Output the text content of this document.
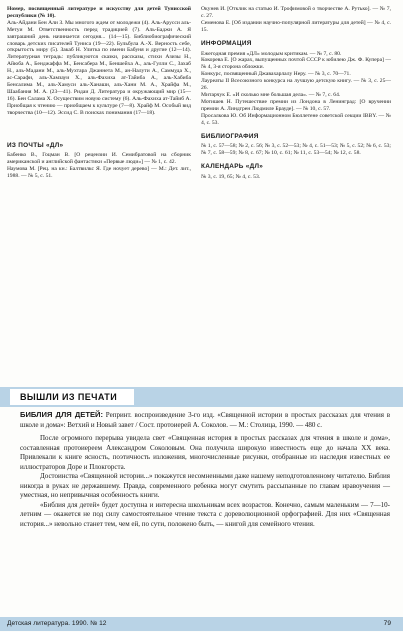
Номер, посвященный литературе и искусству для детей Тунисской республики (№ 10).

Аль-Айдани Бен Али З. Мы многого ждем от молодежи (4). Аль-Арусси аль-Метуи М. Ответственность перед традицией (7). Аль-Баджи А. Я завтрашний день начинается сегодня... (14—15). Библиобиографический словарь детских писателей Туниса (19—22). Бульбула А.-Х. Верность себе, открытость миру (5). Закаб Н. Улитка по имени Бабуня и другие (12—14). Литературная тетрадь: публикуются сказки, рассказы, стихи Азизы Н., Айюба А., Бенджаффа М., Бенсабера М., Беншейха А., аль-Гулли С., Захаб Н., аль-Мадани М., аль-Мухтара Джаннета М., ан-Налути А., Саммуда Х., ас-Сарафи, аль-Хамзауи Х., аль-Фахиха ат-Тайиба А., аль-Хабиба Бенсалима М., аль-Хамуси аль-Ханаши, аль-Хани М. А., Храйфа М., Шаабания М. А. (23—41). Ридаи Д. Литература и окружающий мир (15—16). Бен Салама Х. Осуществим новую систему (6). Аль-Фахиха ат-Тайиб А. Приобщая к чтению — приобщаем к культуре (7—8). Храйф М. Особый вид творчества (10—12). Эссид С. В поисках понимания (17—18).

ИЗ ПОЧТЫ «ДЛ»

Бабенко В., Гоцман В. [О рецензии И. Семибратовой на сборник американской и английской фантастики «Первые люди»] — № 1, с. 42.

Наумова М. [Рец. на кн.: Балтвилкс Я. Где ночует дерево] — М.: Дет. лит., 1988. — № 5, с. 51.

Окунев И. [Отклик на статью И. Трофимовой о творчестве А. Рутько]. — № 7, с. 27.

Семенова Е. [Об издании научно-популярной литературы для детей] — № 4, с. 15.

ИНФОРМАЦИЯ

Ежегодная премия «ДЛ» молодым критикам. — № 7, с. 80.

Кокорева Е. [О жарах, выпущенных почтой СССР к юбилею Дж. Ф. Купера] — № 4, 3-я сторона обложки.

Конкурс, посвященный Джавахарлалу Неру. — № 3, с. 70—71.

Лауреаты II Всесоюзного конкурса на лучшую детскую книгу. — № 3, с. 25—26.

Митарчук Е. «И сколько мне большая дела». — № 7, с. 64.

Мотишев Н. Путешествие премии из Лондона в Ленинград: [О вручении премии А. Линдгрен Людмиле Брауде]. — № 10, с. 57.

Просалкова Ю. Об Информационном Бюллетене советской секции IBBY. — № 4, с. 53.

БИБЛИОГРАФИЯ

№ 1, с. 57—58; № 2, с. 56; № 3, с. 52—53; № 4, с. 51—53; № 5, с. 52; № 6, с. 53; № 7, с. 58—59; № 8, с. 67; № 10, с. 61; № 11, с. 53—54; № 12, с. 58.

КАЛЕНДАРЬ «ДЛ»

№ 3, с. 19, 65; № 4, с. 53.

ВЫШЛИ ИЗ ПЕЧАТИ

БИБЛИЯ ДЛЯ ДЕТЕЙ: Репринт. воспроизведение 3-го изд. «Священной истории в простых рассказах для чтения в школе и дома»: Ветхий и Новый завет / Сост. протоиерей А. Соколов. — М.: Столица, 1990. — 480 с.

После огромного перерыва увидела свет «Священная история в простых рассказах для чтения в школе и дома», составленная протоиереем Александром Соколовым. Она получила широкую известность еще до начала XX века. Привлекали к книге ясность, поэтичность изложения, многочисленные рисунки, отобранные из наследия известных ее иллюстраторов Доре и Плокгорста.

Достоинства «Священной истории...» покажутся несомненными даже нашему неподготовленному читателю. Библия никогда в руках не державшему. Правда, современного ребенка могут смутить рассыпанные по главам нравоучения — уместная, но непривычная особенность книги.

«Библия для детей» будет доступна и интересна школьникам всех возрастов. Конечно, самым маленьким — 7—10-летним — окажется не под силу самостоятельное чтение текста с дореволюционной орфографией. Для них «Священная история...» невольно станет тем, чем ей, по сути, положено быть, — книгой для семейного чтения.

Детская литература. 1990. № 12	79
